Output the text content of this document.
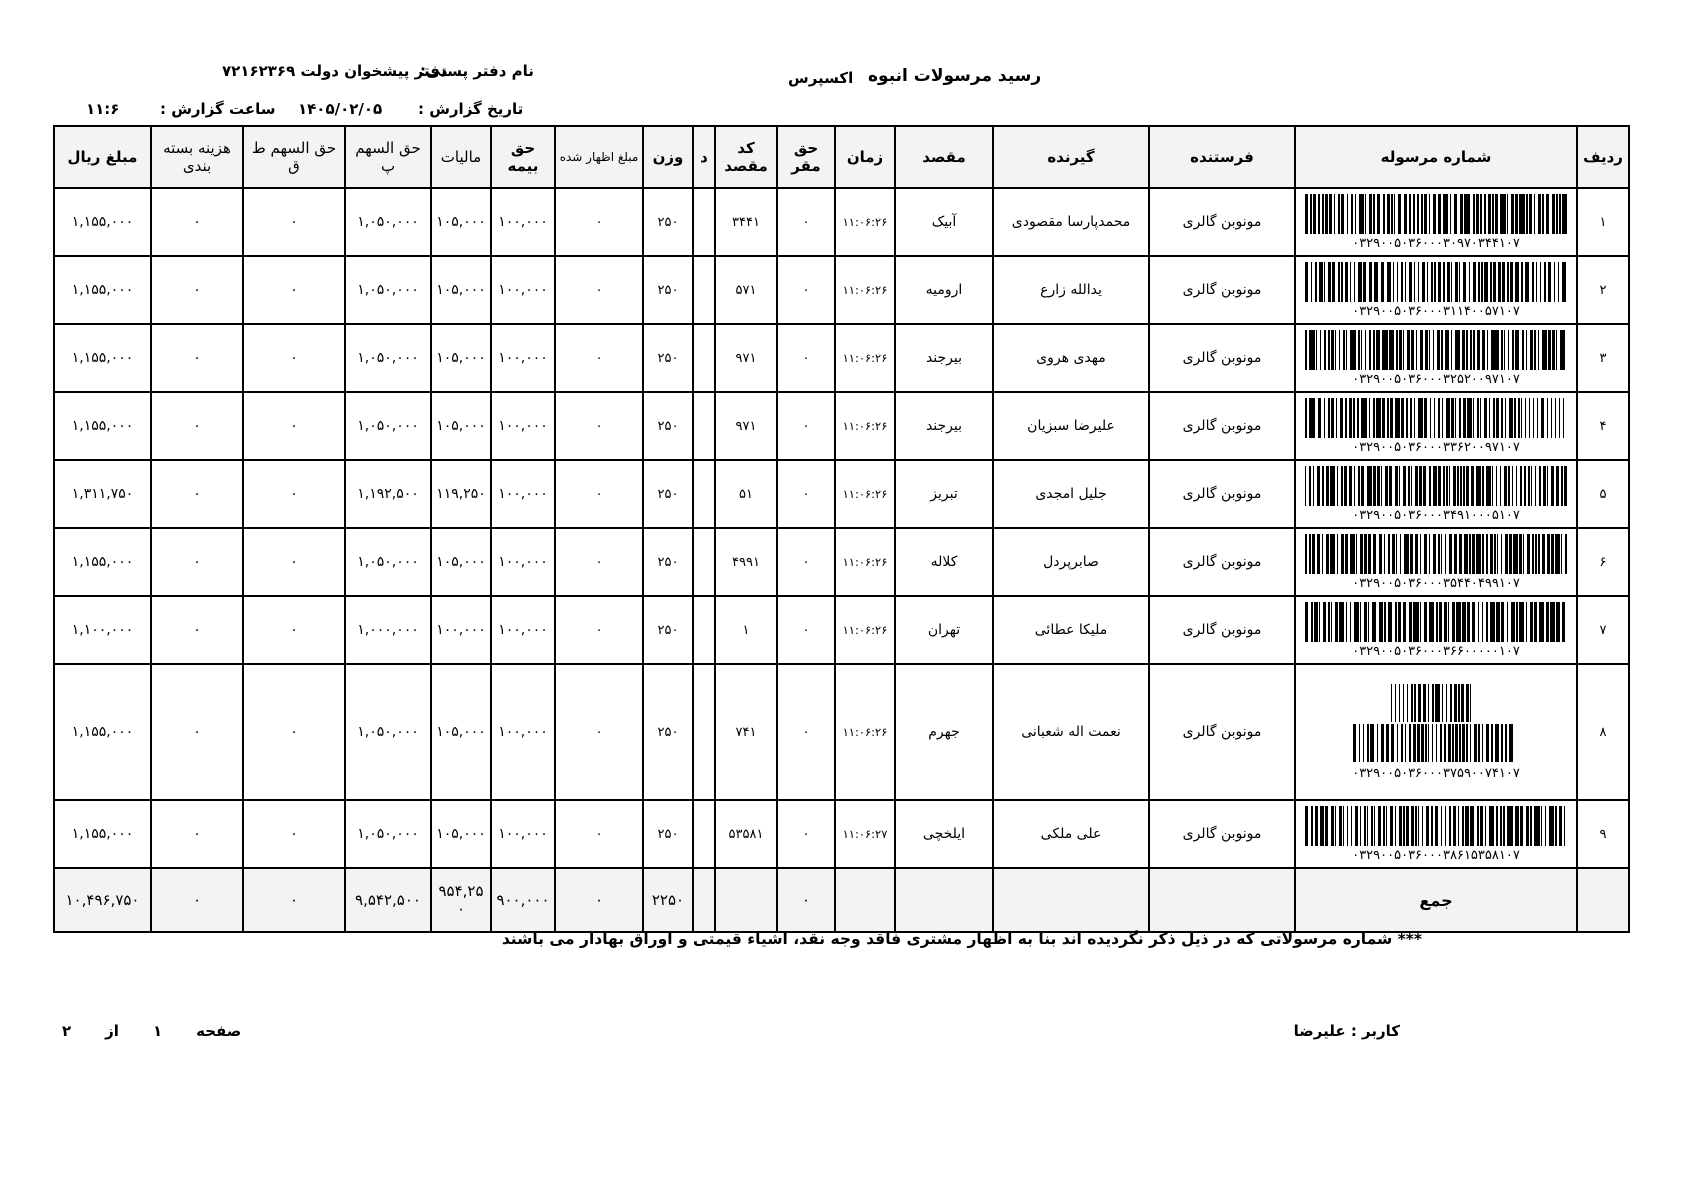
رسید مرسولات انبوه
اکسپرس
نام دفتر پستی:
دفتر پیشخوان دولت ۷۲۱۶۲۳۶۹
تاریخ گزارش :
۱۴۰۵/۰۲/۰۵
ساعت گزارش :
۱۱:۶
ردیف	شماره مرسوله	فرستنده	گیرنده	مقصد	زمان	حق مقر	کد مقصد	د	وزن	مبلغ اظهار شده	حق بیمه	مالیات	حق السهم پ	حق السهم ط ق	هزینه بسته بندی	مبلغ ریال
۱	۰۳۲۹۰۰۵۰۳۶۰۰۰۳۰۹۷۰۳۴۴۱۰۷	مونوبن گالری	محمدپارسا مقصودی	آبیک	۱۱:۰۶:۲۶	۰	۳۴۴۱		۲۵۰	۰	۱۰۰,۰۰۰	۱۰۵,۰۰۰	۱,۰۵۰,۰۰۰	۰	۰	۱,۱۵۵,۰۰۰
۲	۰۳۲۹۰۰۵۰۳۶۰۰۰۳۱۱۴۰۰۵۷۱۰۷	مونوبن گالری	یدالله زارع	ارومیه	۱۱:۰۶:۲۶	۰	۵۷۱		۲۵۰	۰	۱۰۰,۰۰۰	۱۰۵,۰۰۰	۱,۰۵۰,۰۰۰	۰	۰	۱,۱۵۵,۰۰۰
۳	۰۳۲۹۰۰۵۰۳۶۰۰۰۳۲۵۲۰۰۹۷۱۰۷	مونوبن گالری	مهدی هروی	بیرجند	۱۱:۰۶:۲۶	۰	۹۷۱		۲۵۰	۰	۱۰۰,۰۰۰	۱۰۵,۰۰۰	۱,۰۵۰,۰۰۰	۰	۰	۱,۱۵۵,۰۰۰
۴	۰۳۲۹۰۰۵۰۳۶۰۰۰۳۳۶۲۰۰۹۷۱۰۷	مونوبن گالری	علیرضا سبزیان	بیرجند	۱۱:۰۶:۲۶	۰	۹۷۱		۲۵۰	۰	۱۰۰,۰۰۰	۱۰۵,۰۰۰	۱,۰۵۰,۰۰۰	۰	۰	۱,۱۵۵,۰۰۰
۵	۰۳۲۹۰۰۵۰۳۶۰۰۰۳۴۹۱۰۰۰۵۱۰۷	مونوبن گالری	جلیل امجدی	تبریز	۱۱:۰۶:۲۶	۰	۵۱		۲۵۰	۰	۱۰۰,۰۰۰	۱۱۹,۲۵۰	۱,۱۹۲,۵۰۰	۰	۰	۱,۳۱۱,۷۵۰
۶	۰۳۲۹۰۰۵۰۳۶۰۰۰۳۵۴۴۰۴۹۹۱۰۷	مونوبن گالری	صابرپردل	کلاله	۱۱:۰۶:۲۶	۰	۴۹۹۱		۲۵۰	۰	۱۰۰,۰۰۰	۱۰۵,۰۰۰	۱,۰۵۰,۰۰۰	۰	۰	۱,۱۵۵,۰۰۰
۷	۰۳۲۹۰۰۵۰۳۶۰۰۰۳۶۶۰۰۰۰۰۱۰۷	مونوبن گالری	ملیکا عطائی	تهران	۱۱:۰۶:۲۶	۰	۱		۲۵۰	۰	۱۰۰,۰۰۰	۱۰۰,۰۰۰	۱,۰۰۰,۰۰۰	۰	۰	۱,۱۰۰,۰۰۰
۸	۰۳۲۹۰۰۵۰۳۶۰۰۰۳۷۵۹۰۰۷۴۱۰۷	مونوبن گالری	نعمت اله شعبانی	جهرم	۱۱:۰۶:۲۶	۰	۷۴۱		۲۵۰	۰	۱۰۰,۰۰۰	۱۰۵,۰۰۰	۱,۰۵۰,۰۰۰	۰	۰	۱,۱۵۵,۰۰۰
۹	۰۳۲۹۰۰۵۰۳۶۰۰۰۳۸۶۱۵۳۵۸۱۰۷	مونوبن گالری	علی ملکی	ایلخچی	۱۱:۰۶:۲۷	۰	۵۳۵۸۱		۲۵۰	۰	۱۰۰,۰۰۰	۱۰۵,۰۰۰	۱,۰۵۰,۰۰۰	۰	۰	۱,۱۵۵,۰۰۰
	جمع					۰			۲۲۵۰	۰	۹۰۰,۰۰۰	۹۵۴,۲۵۰	۹,۵۴۲,۵۰۰	۰	۰	۱۰,۴۹۶,۷۵۰
*** شماره مرسولاتی که در ذیل ذکر نگردیده اند بنا به اظهار مشتری فاقد وجه نقد، اشیاء قیمتی و اوراق بهادار می باشند
کاربر : علیرضا
صفحه
۱
از
۲
